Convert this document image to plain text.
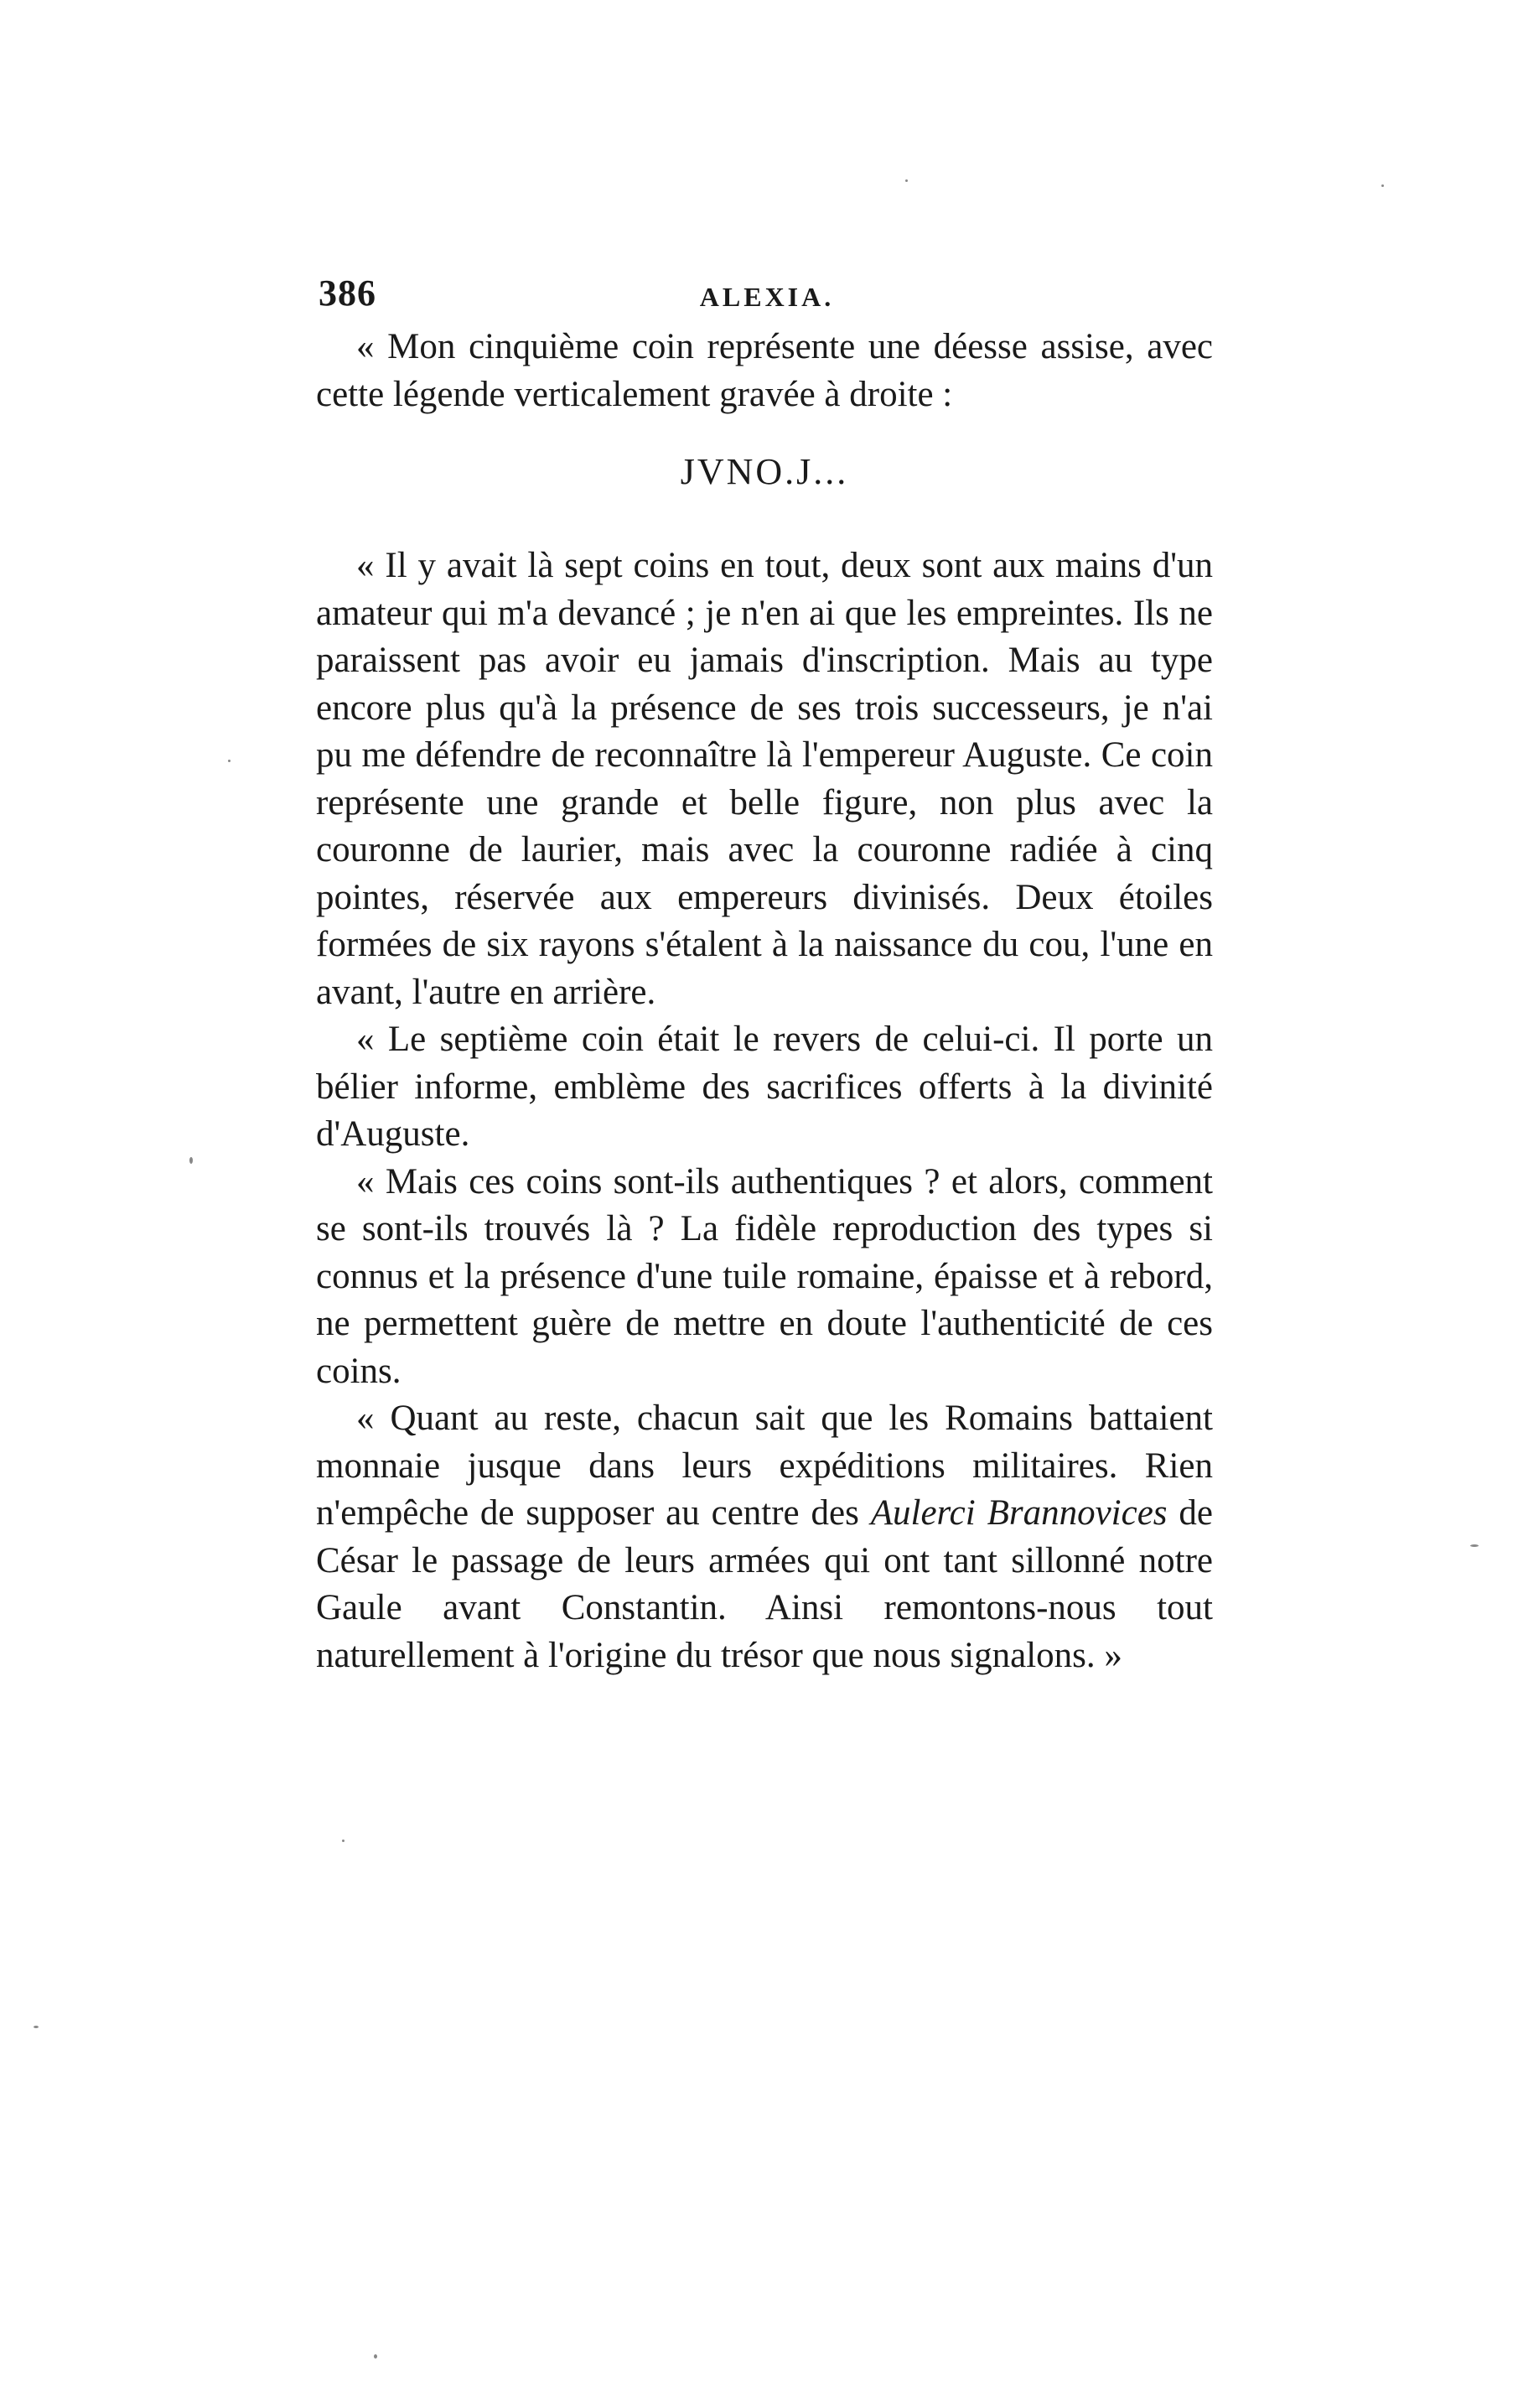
386	ALEXIA.

« Mon cinquième coin représente une déesse assise, avec cette légende verticalement gravée à droite :

JVNO.J...

« Il y avait là sept coins en tout, deux sont aux mains d'un amateur qui m'a devancé ; je n'en ai que les empreintes. Ils ne paraissent pas avoir eu jamais d'inscription. Mais au type encore plus qu'à la présence de ses trois successeurs, je n'ai pu me défendre de reconnaître là l'empereur Auguste. Ce coin représente une grande et belle figure, non plus avec la couronne de laurier, mais avec la couronne radiée à cinq pointes, réservée aux empereurs divinisés. Deux étoiles formées de six rayons s'étalent à la naissance du cou, l'une en avant, l'autre en arrière.

« Le septième coin était le revers de celui-ci. Il porte un bélier informe, emblème des sacrifices offerts à la divinité d'Auguste.

« Mais ces coins sont-ils authentiques ? et alors, comment se sont-ils trouvés là ? La fidèle reproduction des types si connus et la présence d'une tuile romaine, épaisse et à rebord, ne permettent guère de mettre en doute l'authenticité de ces coins.

« Quant au reste, chacun sait que les Romains battaient monnaie jusque dans leurs expéditions militaires. Rien n'empêche de supposer au centre des Aulerci Brannovices de César le passage de leurs armées qui ont tant sillonné notre Gaule avant Constantin. Ainsi remontons-nous tout naturellement à l'origine du trésor que nous signalons. »
